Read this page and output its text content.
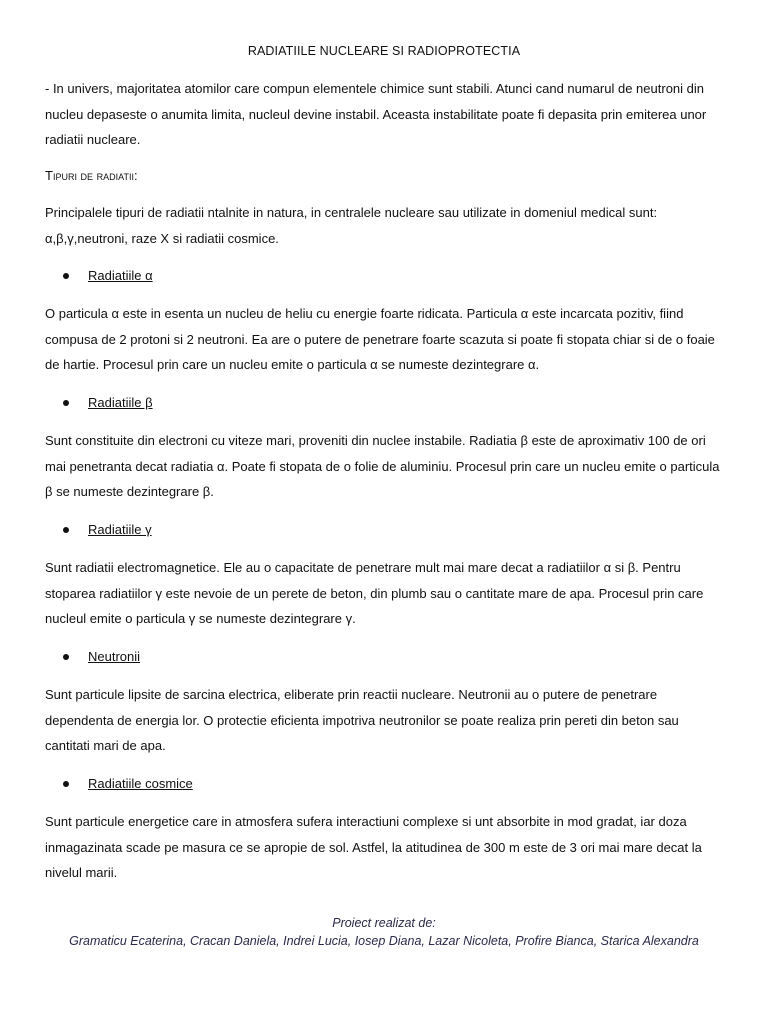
RADIATIILE NUCLEARE SI RADIOPROTECTIA

- In univers, majoritatea atomilor care compun elementele chimice sunt stabili. Atunci cand numarul de neutroni din nucleu depaseste o anumita limita, nucleul devine instabil. Aceasta instabilitate poate fi depasita prin emiterea unor radiatii nucleare.

Tipuri de radiatii:

Principalele tipuri de radiatii ntalnite in natura, in centralele nucleare sau utilizate in domeniul medical sunt: α,β,γ,neutroni, raze X si radiatii cosmice.

Radiatiile α

O particula α este in esenta un nucleu de heliu cu energie foarte ridicata. Particula α este incarcata pozitiv, fiind compusa de 2 protoni si 2 neutroni. Ea are o putere de penetrare foarte scazuta si poate fi stopata chiar si de o foaie de hartie. Procesul prin care un nucleu emite o particula α se numeste dezintegrare α.

Radiatiile β

Sunt constituite din electroni cu viteze mari, proveniti din nuclee instabile. Radiatia β este de aproximativ 100 de ori mai penetranta decat radiatia α. Poate fi stopata de o folie de aluminiu. Procesul prin care un nucleu emite o particula β se numeste dezintegrare β.

Radiatiile γ

Sunt radiatii electromagnetice. Ele au o capacitate de penetrare mult mai mare decat a radiatiilor α si β. Pentru stoparea radiatiilor γ este nevoie de un perete de beton, din plumb sau o cantitate mare de apa. Procesul prin care nucleul emite o particula γ se numeste dezintegrare γ.

Neutronii

Sunt particule lipsite de sarcina electrica, eliberate prin reactii nucleare. Neutronii au o putere de penetrare dependenta de energia lor. O protectie eficienta impotriva neutronilor se poate realiza prin pereti din beton sau cantitati mari de apa.

Radiatiile cosmice

Sunt particule energetice care in atmosfera sufera interactiuni complexe si unt absorbite in mod gradat, iar doza inmagazinata scade pe masura ce se apropie de sol. Astfel, la atitudinea de 300 m este de 3 ori mai mare decat la nivelul marii.

Proiect realizat de:
Gramaticu Ecaterina, Cracan Daniela, Indrei Lucia, Iosep Diana, Lazar Nicoleta, Profire Bianca, Starica Alexandra
